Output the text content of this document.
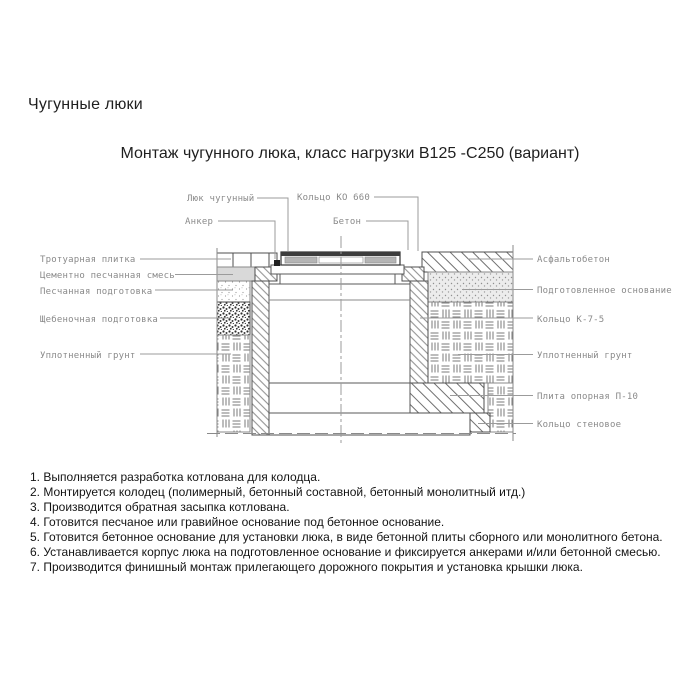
Чугунные люки
Монтаж чугунного люка, класс нагрузки B125 -C250 (вариант)
Люк чугунный	Кольцо КО 660
Анкер	Бетон
Тротуарная плитка
Цементно песчанная смесь
Песчанная подготовка
Щебеночная подготовка
Уплотненный грунт
Асфальтобетон
Подготовленное основание
Кольцо К-7-5
Уплотненный грунт
Плита опорная П-10
Кольцо стеновое

1. Выполняется разработка котлована для колодца.

2. Монтируется колодец (полимерный, бетонный составной, бетонный монолитный итд.)

3. Производится обратная засыпка котлована.

4. Готовится песчаное или гравийное основание под бетонное основание.

5. Готовится бетонное основание для установки люка, в виде бетонной плиты сборного или монолитного бетона.

6. Устанавливается корпус люка на подготовленное основание и фиксируется анкерами и/или бетонной смесью.

7. Производится финишный монтаж прилегающего дорожного покрытия и установка крышки люка.
